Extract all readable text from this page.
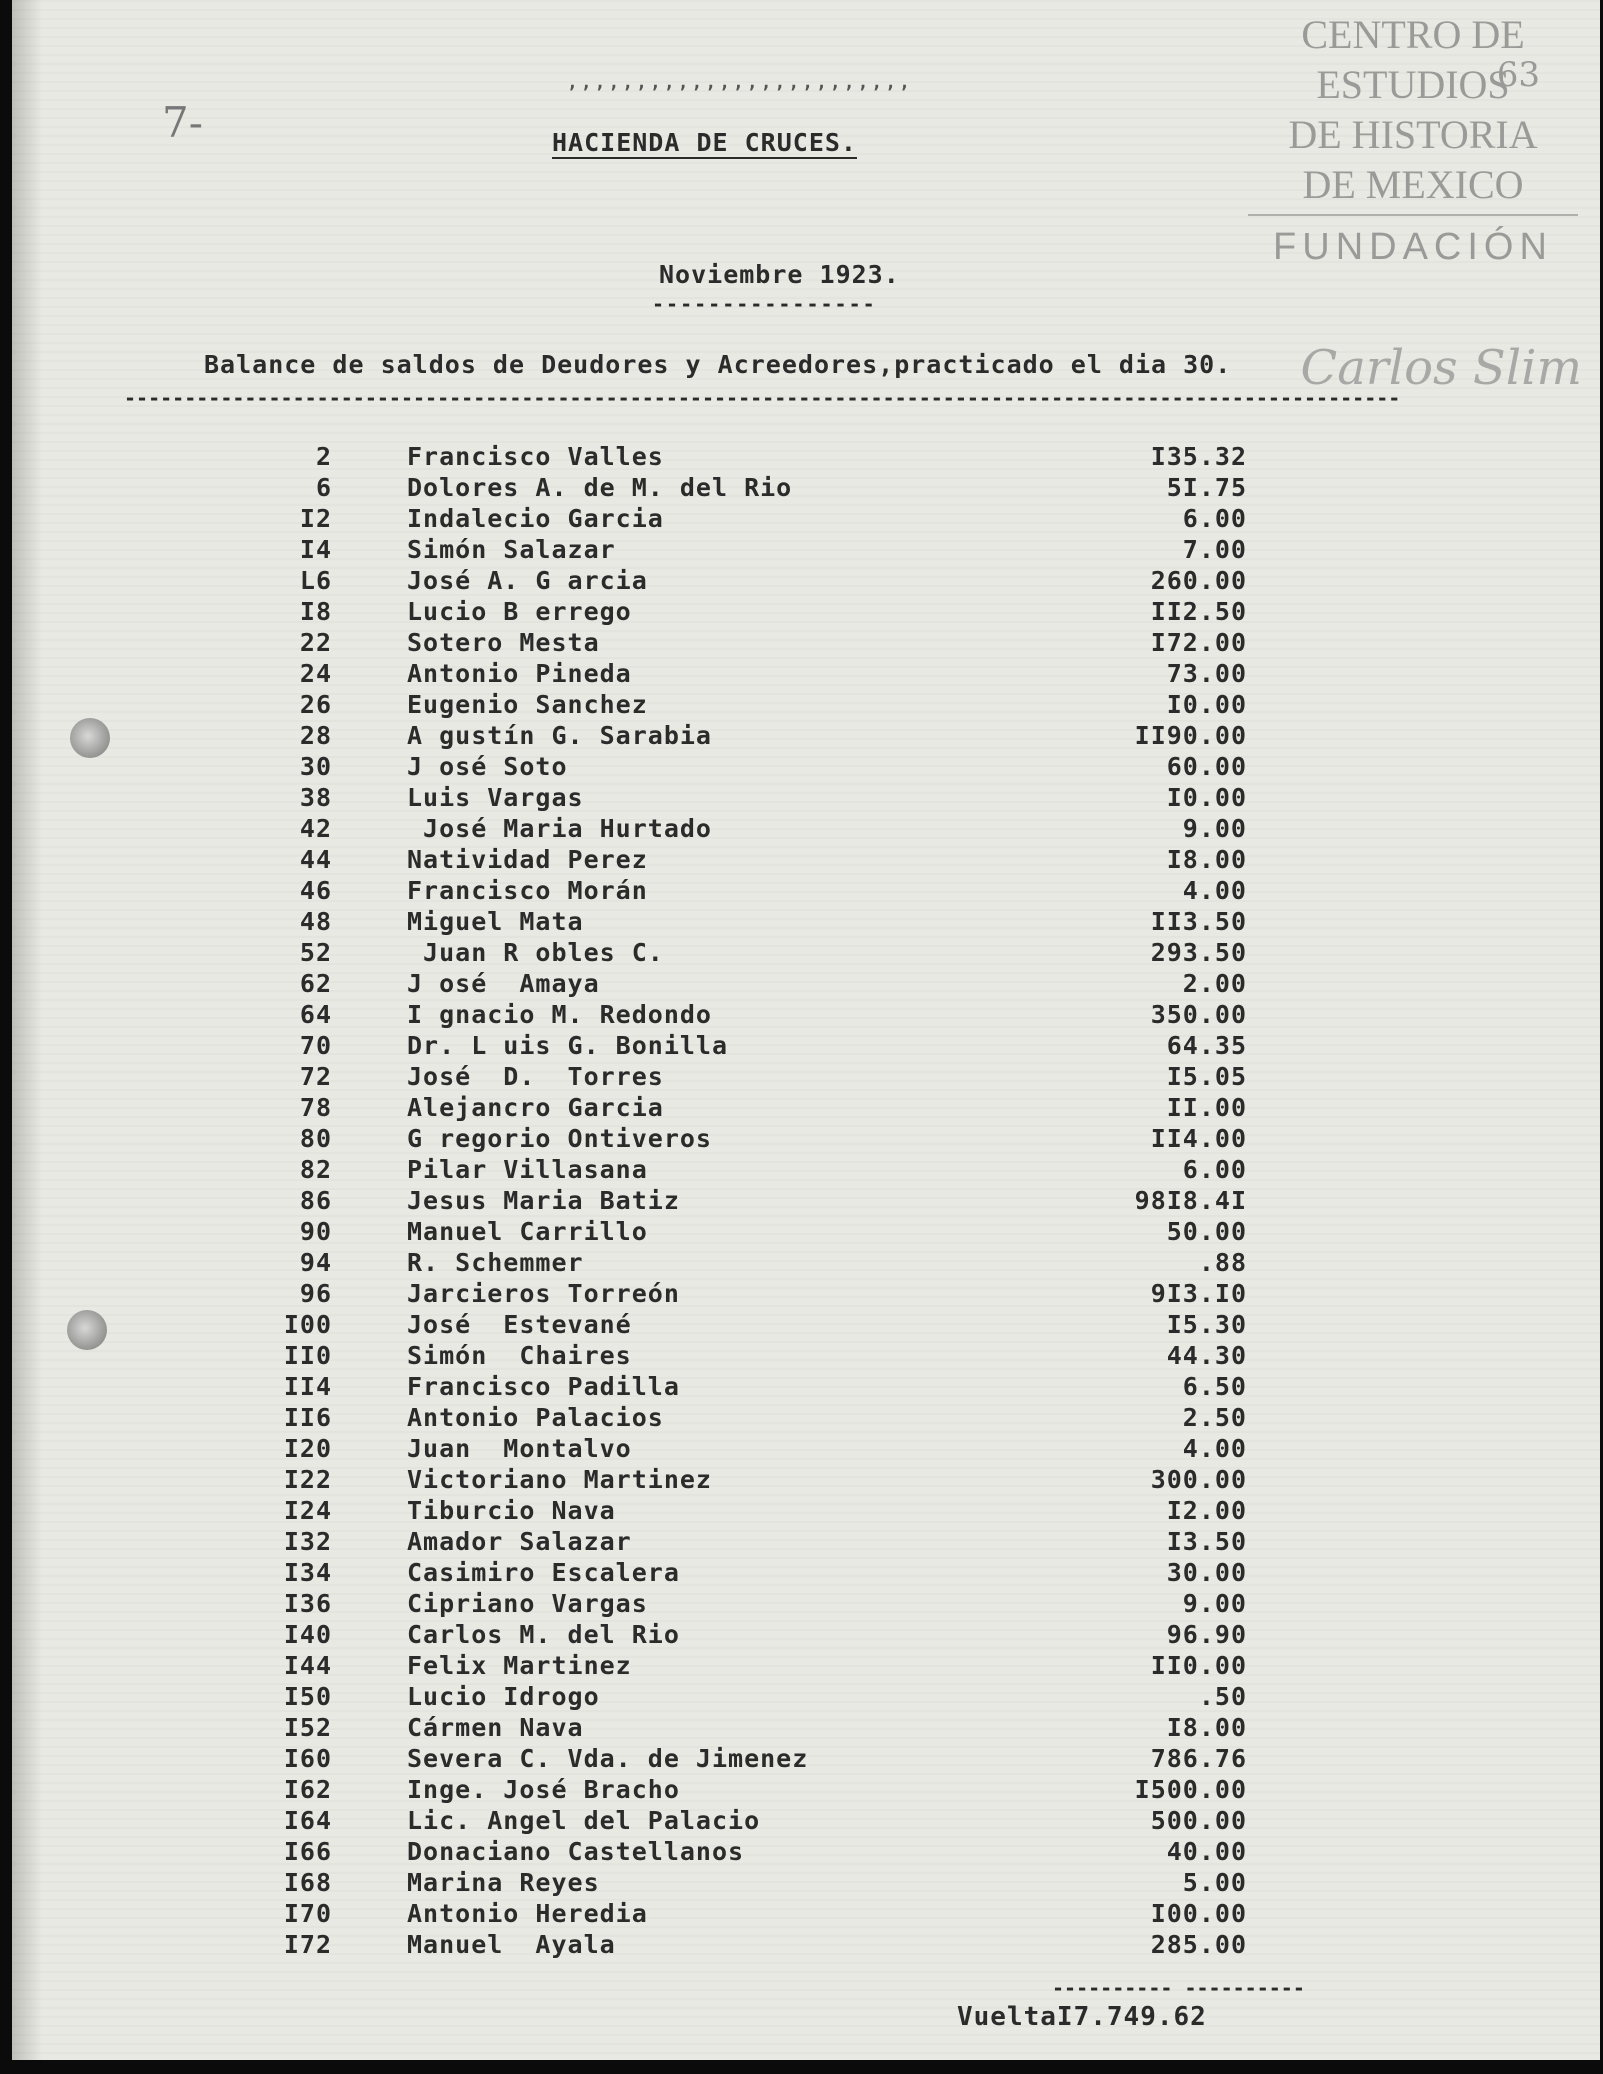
7-
,,,,,,,,,,,,,,,,,,,,,,,,,
CENTRO DE
ESTUDIOS
DE HISTORIA
DE MEXICO
FUNDACIÓN
63
Carlos Slim
HACIENDA DE CRUCES.
Noviembre 1923.
----------------
Balance de saldos de Deudores y Acreedores,practicado el dia 30.
----------------------------------------------------------------------------------------------------------
2	Francisco Valles	I35.32
6	Dolores A. de M. del Rio	5I.75
I2	Indalecio Garcia	6.00
I4	Simón Salazar	7.00
L6	José A. G arcia	260.00
I8	Lucio B errego	II2.50
22	Sotero Mesta	I72.00
24	Antonio Pineda	73.00
26	Eugenio Sanchez	I0.00
28	A gustín G. Sarabia	II90.00
30	J osé Soto	60.00
38	Luis Vargas	I0.00
42	José Maria Hurtado	9.00
44	Natividad Perez	I8.00
46	Francisco Morán	4.00
48	Miguel Mata	II3.50
52	Juan R obles C.	293.50
62	J osé  Amaya	2.00
64	I gnacio M. Redondo	350.00
70	Dr. L uis G. Bonilla	64.35
72	José  D.  Torres	I5.05
78	Alejancro Garcia	II.00
80	G regorio Ontiveros	II4.00
82	Pilar Villasana	6.00
86	Jesus Maria Batiz	98I8.4I
90	Manuel Carrillo	50.00
94	R. Schemmer	.88
96	Jarcieros Torreón	9I3.I0
I00	José  Estevané	I5.30
II0	Simón  Chaires	44.30
II4	Francisco Padilla	6.50
II6	Antonio Palacios	2.50
I20	Juan  Montalvo	4.00
I22	Victoriano Martinez	300.00
I24	Tiburcio Nava	I2.00
I32	Amador Salazar	I3.50
I34	Casimiro Escalera	30.00
I36	Cipriano Vargas	9.00
I40	Carlos M. del Rio	96.90
I44	Felix Martinez	II0.00
I50	Lucio Idrogo	.50
I52	Cármen Nava	I8.00
I60	Severa C. Vda. de Jimenez	786.76
I62	Inge. José Bracho	I500.00
I64	Lic. Angel del Palacio	500.00
I66	Donaciano Castellanos	40.00
I68	Marina Reyes	5.00
I70	Antonio Heredia	I00.00
I72	Manuel  Ayala	285.00
---------- ----------
VueltaI7.749.62
